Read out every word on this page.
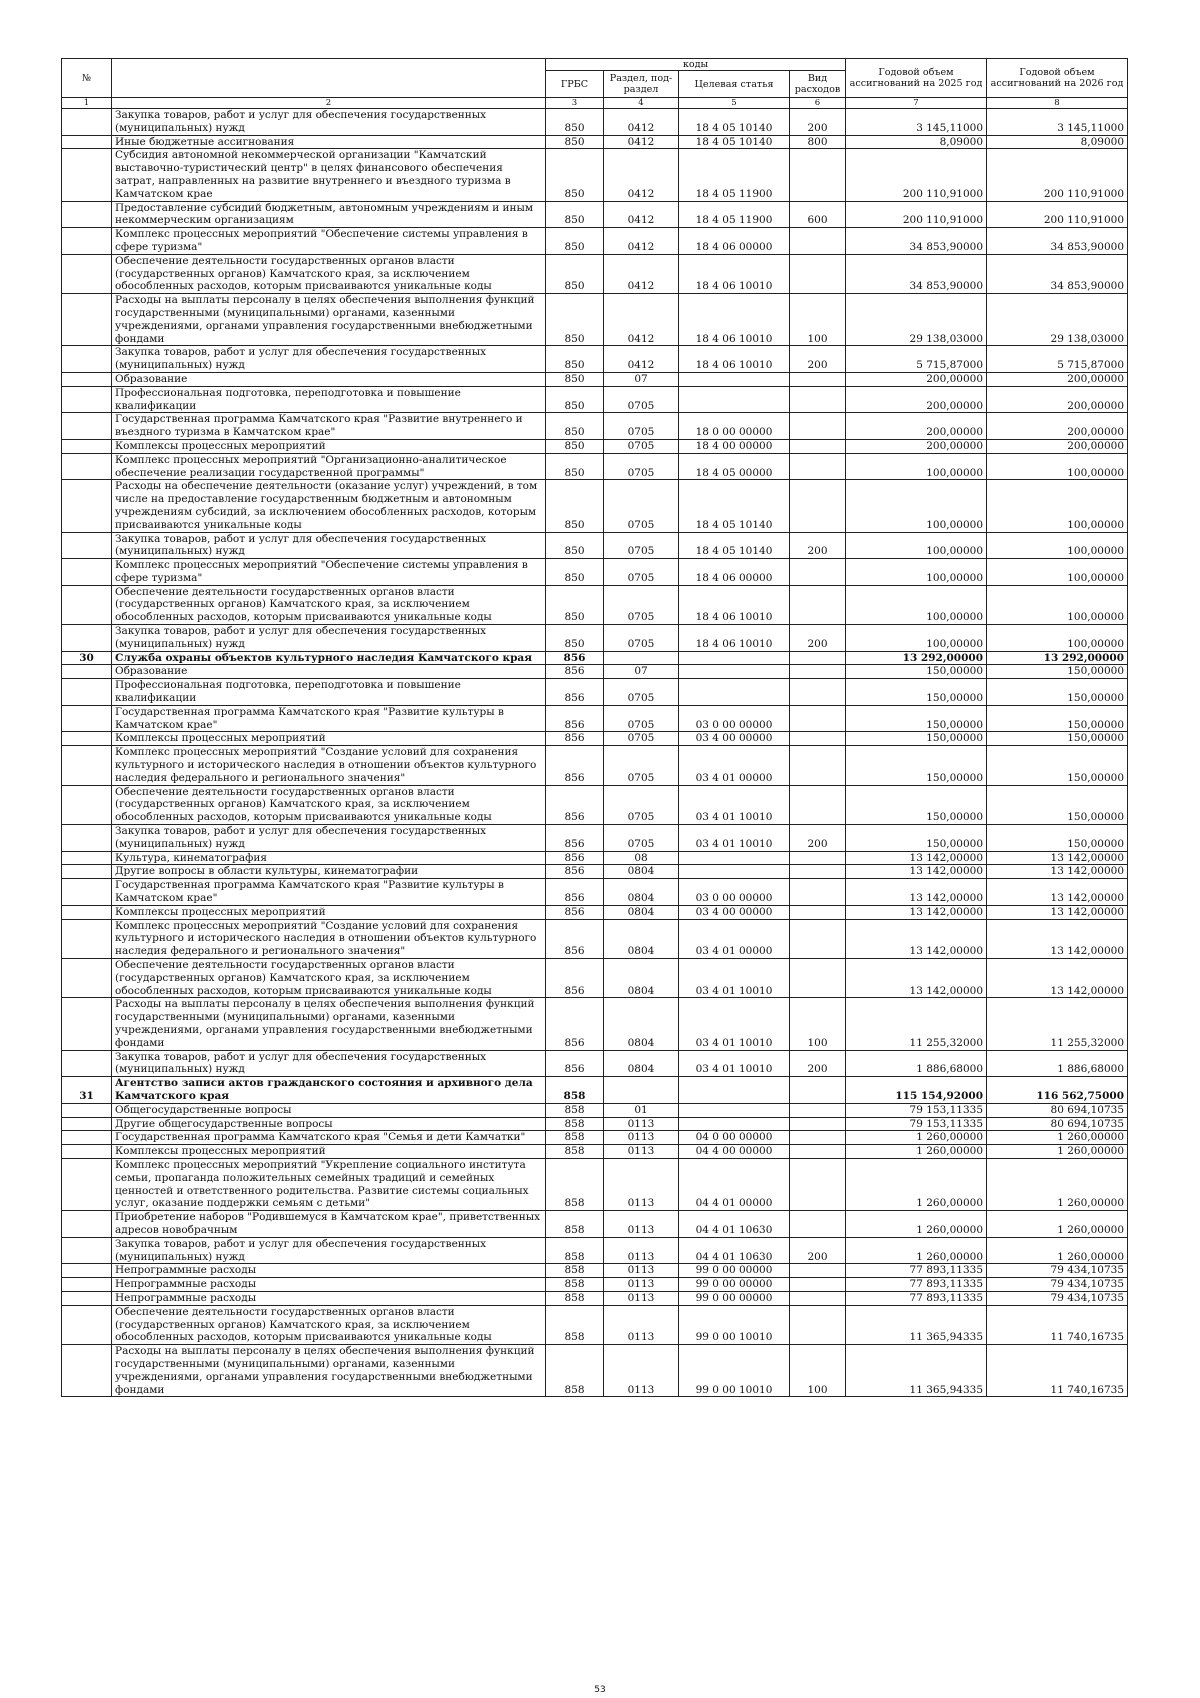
№		коды				Годовой объем ассигнований на 2025 год	Годовой объем ассигнований на 2026 год
		ГРБС	Раздел, под-раздел	Целевая статья	Вид расходов		
1	2	3	4	5	6	7	8
	Закупка товаров, работ и услуг для обеспечения государственных (муниципальных) нужд	850	0412	18 4 05 10140	200	3 145,11000	3 145,11000
	Иные бюджетные ассигнования	850	0412	18 4 05 10140	800	8,09000	8,09000
	Субсидия автономной некоммерческой организации "Камчатский выставочно-туристический центр" в целях финансового обеспечения затрат, направленных на развитие внутреннего и въездного туризма в Камчатском крае	850	0412	18 4 05 11900		200 110,91000	200 110,91000
	Предоставление субсидий бюджетным, автономным учреждениям и иным некоммерческим организациям	850	0412	18 4 05 11900	600	200 110,91000	200 110,91000
	Комплекс процессных мероприятий "Обеспечение системы управления в сфере туризма"	850	0412	18 4 06 00000		34 853,90000	34 853,90000
	Обеспечение деятельности государственных органов власти (государственных органов) Камчатского края, за исключением обособленных расходов, которым присваиваются уникальные коды	850	0412	18 4 06 10010		34 853,90000	34 853,90000
	Расходы на выплаты персоналу в целях обеспечения выполнения функций государственными (муниципальными) органами, казенными учреждениями, органами управления государственными внебюджетными фондами	850	0412	18 4 06 10010	100	29 138,03000	29 138,03000
	Закупка товаров, работ и услуг для обеспечения государственных (муниципальных) нужд	850	0412	18 4 06 10010	200	5 715,87000	5 715,87000
	Образование	850	07			200,00000	200,00000
	Профессиональная подготовка, переподготовка и повышение квалификации	850	0705			200,00000	200,00000
	Государственная программа Камчатского края "Развитие внутреннего и въездного туризма в Камчатском крае"	850	0705	18 0 00 00000		200,00000	200,00000
	Комплексы процессных мероприятий	850	0705	18 4 00 00000		200,00000	200,00000
	Комплекс процессных мероприятий "Организационно-аналитическое обеспечение реализации государственной программы"	850	0705	18 4 05 00000		100,00000	100,00000
	Расходы на обеспечение деятельности (оказание услуг) учреждений, в том числе на предоставление государственным бюджетным и автономным учреждениям субсидий, за исключением обособленных расходов, которым присваиваются уникальные коды	850	0705	18 4 05 10140		100,00000	100,00000
	Закупка товаров, работ и услуг для обеспечения государственных (муниципальных) нужд	850	0705	18 4 05 10140	200	100,00000	100,00000
	Комплекс процессных мероприятий "Обеспечение системы управления в сфере туризма"	850	0705	18 4 06 00000		100,00000	100,00000
	Обеспечение деятельности государственных органов власти (государственных органов) Камчатского края, за исключением обособленных расходов, которым присваиваются уникальные коды	850	0705	18 4 06 10010		100,00000	100,00000
	Закупка товаров, работ и услуг для обеспечения государственных (муниципальных) нужд	850	0705	18 4 06 10010	200	100,00000	100,00000
30	Служба охраны объектов культурного наследия Камчатского края	856				13 292,00000	13 292,00000
	Образование	856	07			150,00000	150,00000
	Профессиональная подготовка, переподготовка и повышение квалификации	856	0705			150,00000	150,00000
	Государственная программа Камчатского края "Развитие культуры в Камчатском крае"	856	0705	03 0 00 00000		150,00000	150,00000
	Комплексы процессных мероприятий	856	0705	03 4 00 00000		150,00000	150,00000
	Комплекс процессных мероприятий "Создание условий для сохранения культурного и исторического наследия в отношении объектов культурного наследия федерального и регионального значения"	856	0705	03 4 01 00000		150,00000	150,00000
	Обеспечение деятельности государственных органов власти (государственных органов) Камчатского края, за исключением обособленных расходов, которым присваиваются уникальные коды	856	0705	03 4 01 10010		150,00000	150,00000
	Закупка товаров, работ и услуг для обеспечения государственных (муниципальных) нужд	856	0705	03 4 01 10010	200	150,00000	150,00000
	Культура, кинематография	856	08			13 142,00000	13 142,00000
	Другие вопросы в области культуры, кинематографии	856	0804			13 142,00000	13 142,00000
	Государственная программа Камчатского края "Развитие культуры в Камчатском крае"	856	0804	03 0 00 00000		13 142,00000	13 142,00000
	Комплексы процессных мероприятий	856	0804	03 4 00 00000		13 142,00000	13 142,00000
	Комплекс процессных мероприятий "Создание условий для сохранения культурного и исторического наследия в отношении объектов культурного наследия федерального и регионального значения"	856	0804	03 4 01 00000		13 142,00000	13 142,00000
	Обеспечение деятельности государственных органов власти (государственных органов) Камчатского края, за исключением обособленных расходов, которым присваиваются уникальные коды	856	0804	03 4 01 10010		13 142,00000	13 142,00000
	Расходы на выплаты персоналу в целях обеспечения выполнения функций государственными (муниципальными) органами, казенными учреждениями, органами управления государственными внебюджетными фондами	856	0804	03 4 01 10010	100	11 255,32000	11 255,32000
	Закупка товаров, работ и услуг для обеспечения государственных (муниципальных) нужд	856	0804	03 4 01 10010	200	1 886,68000	1 886,68000
31	Агентство записи актов гражданского состояния и архивного дела Камчатского края	858				115 154,92000	116 562,75000
	Общегосударственные вопросы	858	01			79 153,11335	80 694,10735
	Другие общегосударственные вопросы	858	0113			79 153,11335	80 694,10735
	Государственная программа Камчатского края "Семья и дети Камчатки"	858	0113	04 0 00 00000		1 260,00000	1 260,00000
	Комплексы процессных мероприятий	858	0113	04 4 00 00000		1 260,00000	1 260,00000
	Комплекс процессных мероприятий "Укрепление социального института семьи, пропаганда положительных семейных традиций и семейных ценностей и ответственного родительства. Развитие системы социальных услуг, оказание поддержки семьям с детьми"	858	0113	04 4 01 00000		1 260,00000	1 260,00000
	Приобретение наборов "Родившемуся в Камчатском крае", приветственных адресов новобрачным	858	0113	04 4 01 10630		1 260,00000	1 260,00000
	Закупка товаров, работ и услуг для обеспечения государственных (муниципальных) нужд	858	0113	04 4 01 10630	200	1 260,00000	1 260,00000
	Непрограммные расходы	858	0113	99 0 00 00000		77 893,11335	79 434,10735
	Непрограммные расходы	858	0113	99 0 00 00000		77 893,11335	79 434,10735
	Непрограммные расходы	858	0113	99 0 00 00000		77 893,11335	79 434,10735
	Обеспечение деятельности государственных органов власти (государственных органов) Камчатского края, за исключением обособленных расходов, которым присваиваются уникальные коды	858	0113	99 0 00 10010		11 365,94335	11 740,16735
	Расходы на выплаты персоналу в целях обеспечения выполнения функций государственными (муниципальными) органами, казенными учреждениями, органами управления государственными внебюджетными фондами	858	0113	99 0 00 10010	100	11 365,94335	11 740,16735
53
